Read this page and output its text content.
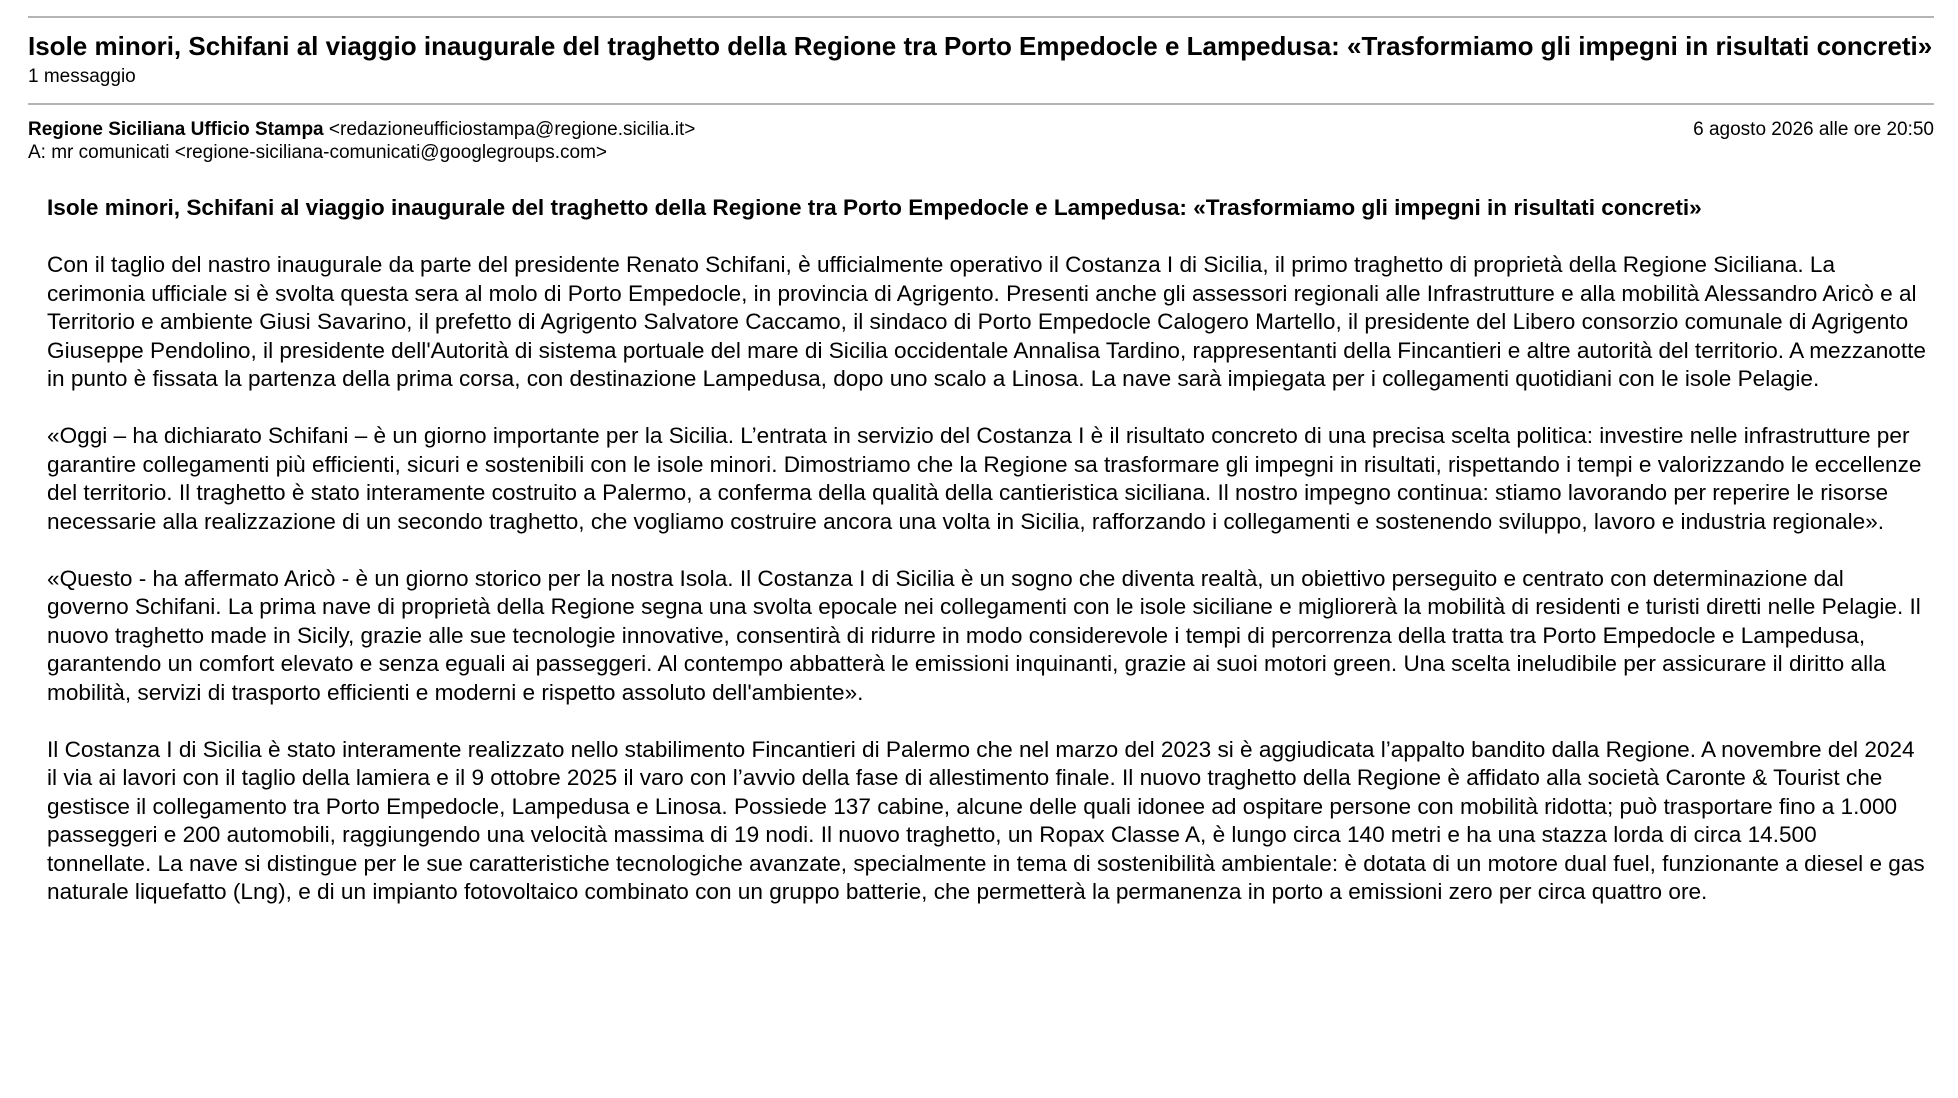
Isole minori, Schifani al viaggio inaugurale del traghetto della Regione tra Porto Empedocle e Lampedusa: «Trasformiamo gli impegni in risultati concreti»
1 messaggio
Regione Siciliana Ufficio Stampa <redazioneufficiostampa@regione.sicilia.it>	6 agosto 2026 alle ore 20:50
A: mr comunicati <regione-siciliana-comunicati@googlegroups.com>

Isole minori, Schifani al viaggio inaugurale del traghetto della Regione tra Porto Empedocle e Lampedusa: «Trasformiamo gli impegni in risultati concreti»

Con il taglio del nastro inaugurale da parte del presidente Renato Schifani, è ufficialmente operativo il Costanza I di Sicilia, il primo traghetto di proprietà della Regione Siciliana. La cerimonia ufficiale si è svolta questa sera al molo di Porto Empedocle, in provincia di Agrigento. Presenti anche gli assessori regionali alle Infrastrutture e alla mobilità Alessandro Aricò e al Territorio e ambiente Giusi Savarino, il prefetto di Agrigento Salvatore Caccamo, il sindaco di Porto Empedocle Calogero Martello, il presidente del Libero consorzio comunale di Agrigento Giuseppe Pendolino, il presidente dell'Autorità di sistema portuale del mare di Sicilia occidentale Annalisa Tardino, rappresentanti della Fincantieri e altre autorità del territorio. A mezzanotte in punto è fissata la partenza della prima corsa, con destinazione Lampedusa, dopo uno scalo a Linosa. La nave sarà impiegata per i collegamenti quotidiani con le isole Pelagie.

«Oggi – ha dichiarato Schifani – è un giorno importante per la Sicilia. L’entrata in servizio del Costanza I è il risultato concreto di una precisa scelta politica: investire nelle infrastrutture per garantire collegamenti più efficienti, sicuri e sostenibili con le isole minori. Dimostriamo che la Regione sa trasformare gli impegni in risultati, rispettando i tempi e valorizzando le eccellenze del territorio. Il traghetto è stato interamente costruito a Palermo, a conferma della qualità della cantieristica siciliana. Il nostro impegno continua: stiamo lavorando per reperire le risorse necessarie alla realizzazione di un secondo traghetto, che vogliamo costruire ancora una volta in Sicilia, rafforzando i collegamenti e sostenendo sviluppo, lavoro e industria regionale».

«Questo - ha affermato Aricò - è un giorno storico per la nostra Isola. Il Costanza I di Sicilia è un sogno che diventa realtà, un obiettivo perseguito e centrato con determinazione dal governo Schifani. La prima nave di proprietà della Regione segna una svolta epocale nei collegamenti con le isole siciliane e migliorerà la mobilità di residenti e turisti diretti nelle Pelagie. Il nuovo traghetto made in Sicily, grazie alle sue tecnologie innovative, consentirà di ridurre in modo considerevole i tempi di percorrenza della tratta tra Porto Empedocle e Lampedusa, garantendo un comfort elevato e senza eguali ai passeggeri. Al contempo abbatterà le emissioni inquinanti, grazie ai suoi motori green. Una scelta ineludibile per assicurare il diritto alla mobilità, servizi di trasporto efficienti e moderni e rispetto assoluto dell'ambiente».

Il Costanza I di Sicilia è stato interamente realizzato nello stabilimento Fincantieri di Palermo che nel marzo del 2023 si è aggiudicata l’appalto bandito dalla Regione. A novembre del 2024 il via ai lavori con il taglio della lamiera e il 9 ottobre 2025 il varo con l’avvio della fase di allestimento finale. Il nuovo traghetto della Regione è affidato alla società Caronte & Tourist che gestisce il collegamento tra Porto Empedocle, Lampedusa e Linosa. Possiede 137 cabine, alcune delle quali idonee ad ospitare persone con mobilità ridotta; può trasportare fino a 1.000 passeggeri e 200 automobili, raggiungendo una velocità massima di 19 nodi. Il nuovo traghetto, un Ropax Classe A, è lungo circa 140 metri e ha una stazza lorda di circa 14.500 tonnellate. La nave si distingue per le sue caratteristiche tecnologiche avanzate, specialmente in tema di sostenibilità ambientale: è dotata di un motore dual fuel, funzionante a diesel e gas naturale liquefatto (Lng), e di un impianto fotovoltaico combinato con un gruppo batterie, che permetterà la permanenza in porto a emissioni zero per circa quattro ore.
